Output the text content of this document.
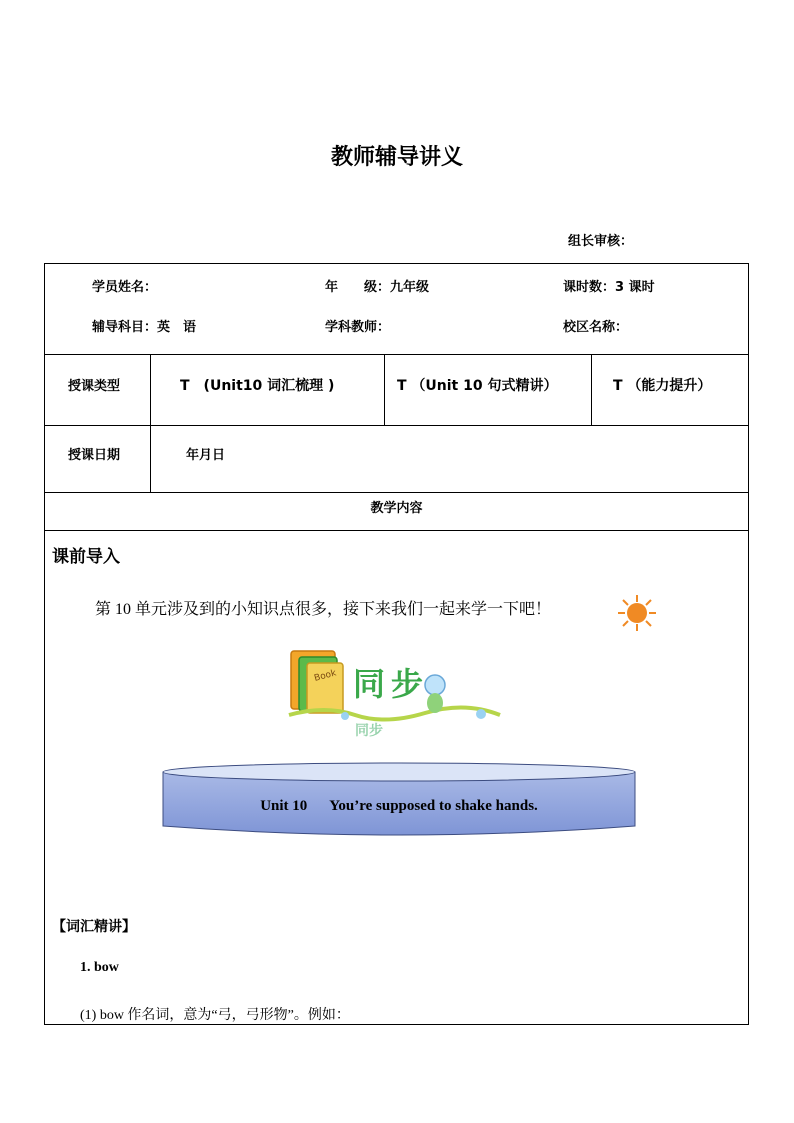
教师辅导讲义
组长审核：
学员姓名：	年　　级：九年级	课时数：3 课时
辅导科目：英　语	学科教师：	校区名称：
授课类型	T　(Unit10 词汇梳理 )	T （Unit 10 句式精讲）	T （能力提升）
授课日期	年月日
教学内容
课前导入
第 10 单元涉及到的小知识点很多，接下来我们一起来学一下吧！
Book
同步
同步
Unit 10      You’re supposed to shake hands.
【词汇精讲】
1. bow
(1) bow 作名词，意为“弓，弓形物”。例如：
